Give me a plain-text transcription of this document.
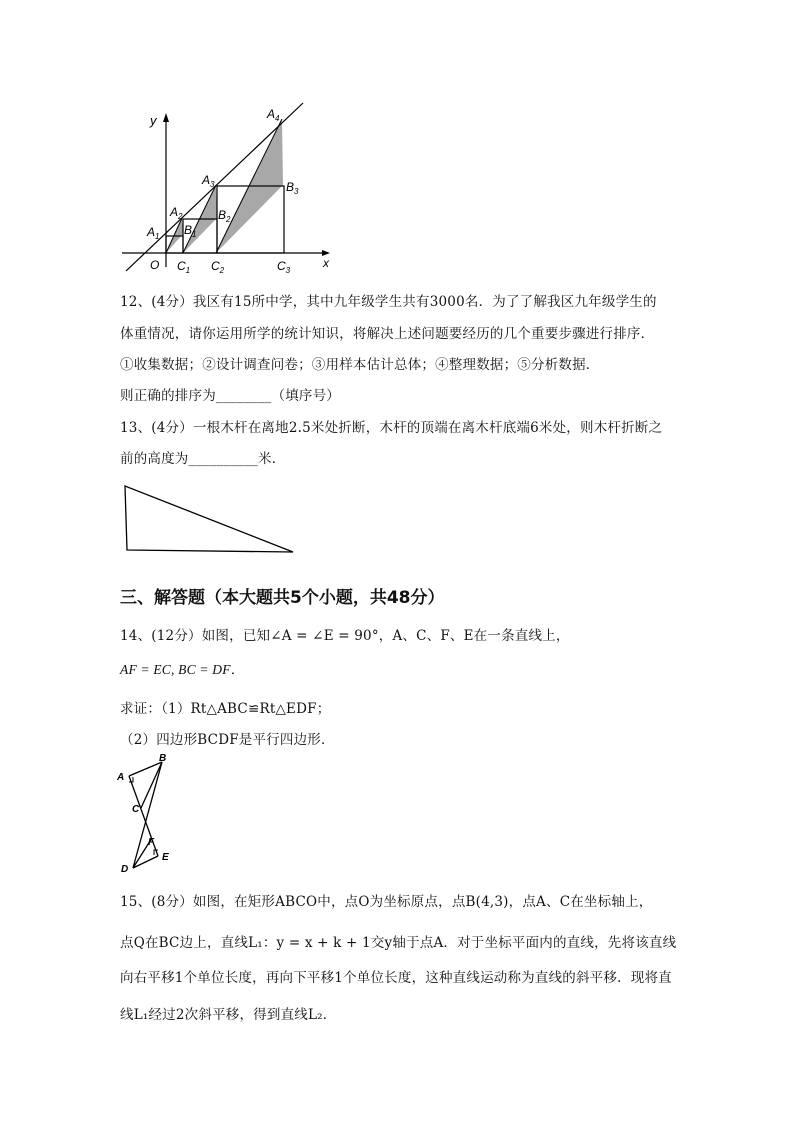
y
x
O
$A_1$
$A_2$
$A_3$
$A_4$
$B_1$
$B_2$
$B_3$
$C_1$ $C_2$	$C_3$
12、(4分）我区有15所中学，其中九年级学生共有3000名．为了了解我区九年级学生的
体重情况，请你运用所学的统计知识，将解决上述问题要经历的几个重要步骤进行排序．
①收集数据；②设计调查问卷；③用样本估计总体；④整理数据；⑤分析数据．
则正确的排序为________（填序号）
13、(4分）一根木杆在离地2.5米处折断，木杆的顶端在离木杆底端6米处，则木杆折断之
前的高度为__________米．
三、解答题（本大题共5个小题，共48分）
14、(12分）如图，已知∠A = ∠E = 90°，A、C、F、E在一条直线上，
AF = EC, BC = DF．
求证：（1）Rt△ABC≌Rt△EDF；
（2）四边形BCDF是平行四边形．
A
B
C
F
D
E
15、(8分）如图，在矩形ABCO中，点O为坐标原点，点B(4,3)，点A、C在坐标轴上，
点Q在BC边上，直线L₁：y = x + k + 1交y轴于点A．对于坐标平面内的直线，先将该直线
向右平移1个单位长度，再向下平移1个单位长度，这种直线运动称为直线的斜平移．现将直
线L₁经过2次斜平移，得到直线L₂．
